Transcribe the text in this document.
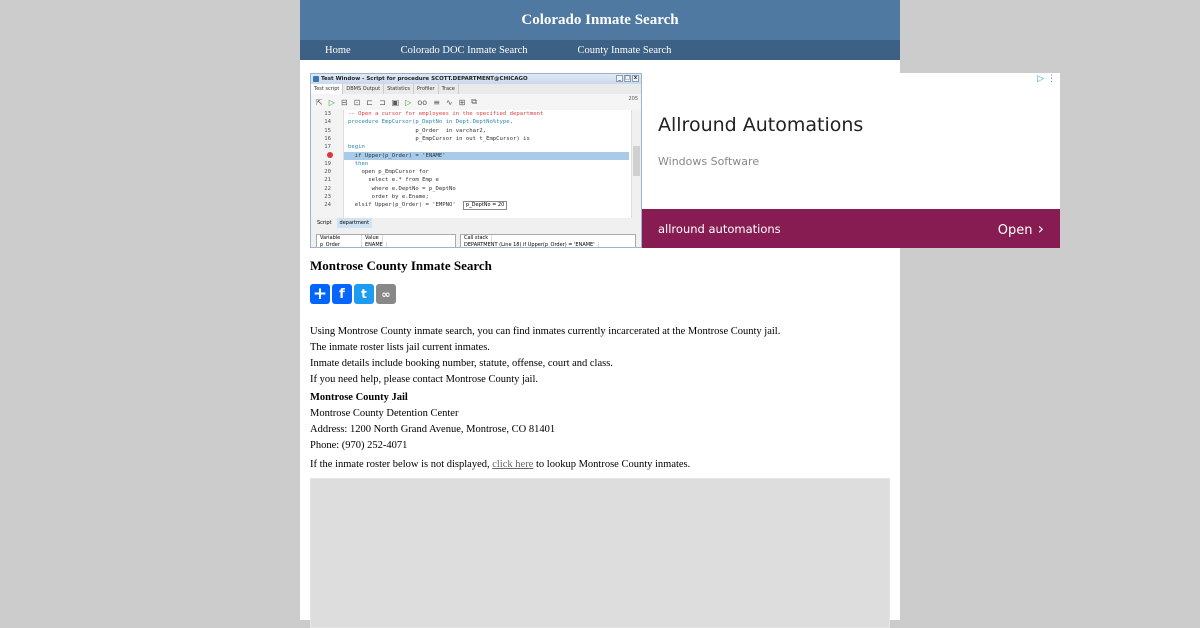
Colorado Inmate Search
Home	Colorado DOC Inmate Search	County Inmate Search
Test Window - Script for procedure SCOTT.DEPARTMENT@CHICAGO	_ □ x
Test script	DBMS Output	Statistics	Profiler	Trace
⇱ ▷ ⊟ ⊡ ⊏ ⊐ ▣ ▷ oo ≡ ∿ ⊞ ⧉	205
13
14
15
16
17
19
20
21
22
23
24
-- Open a cursor for employees in the specified department
procedure EmpCursor(p_DeptNo in Dept.DeptNo%type,
p_Order  in varchar2,
p_EmpCursor in out t_EmpCursor) is
begin
if Upper(p_Order) = 'ENAME'
then
open p_EmpCursor for
select e.* from Emp e
where e.DeptNo = p_DeptNo
order by e.Ename;
elsif Upper(p_Order) = 'EMPNO'	p_DeptNo = 20
Script	department
Variable	Value
p_Order	ENAME
Call stack
DEPARTMENT (Line 18) if Upper(p_Order) = 'ENAME'
▷ ⋮
Allround Automations
Windows Software
allround automations	Open ›
Montrose County Inmate Search
+ f	t	∞

Using Montrose County inmate search, you can find inmates currently incarcerated at the Montrose County jail.

The inmate roster lists jail current inmates.

Inmate details include booking number, statute, offense, court and class.

If you need help, please contact Montrose County jail.

Montrose County Jail

Montrose County Detention Center

Address: 1200 North Grand Avenue, Montrose, CO 81401

Phone: (970) 252-4071

If the inmate roster below is not displayed, click here to lookup Montrose County inmates.
